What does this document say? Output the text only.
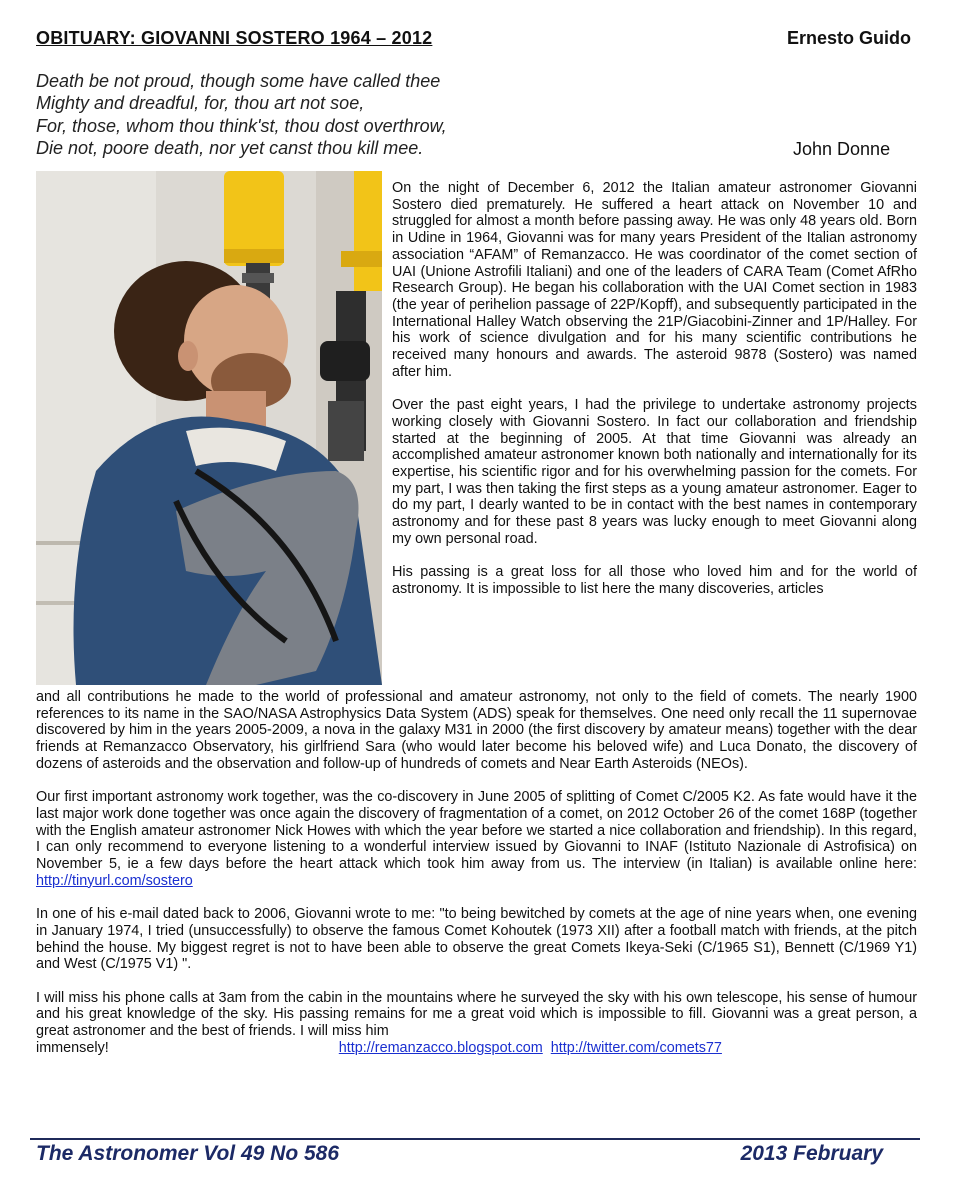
OBITUARY: GIOVANNI SOSTERO 1964 – 2012	Ernesto Guido
Death be not proud, though some have called thee
Mighty and dreadful, for, thou art not soe,
For, those, whom thou think'st, thou dost overthrow,
Die not, poore death, nor yet canst thou kill mee.	John Donne

On the night of December 6, 2012 the Italian amateur astronomer Giovanni Sostero died prematurely. He suffered a heart attack on November 10 and struggled for almost a month before passing away. He was only 48 years old. Born in Udine in 1964, Giovanni was for many years President of the Italian astronomy association “AFAM” of Remanzacco. He was coordinator of the comet section of UAI (Unione Astrofili Italiani) and one of the leaders of CARA Team (Comet AfRho Research Group). He began his collaboration with the UAI Comet section in 1983 (the year of perihelion passage of 22P/Kopff), and subsequently participated in the International Halley Watch observing the 21P/Giacobini-Zinner and 1P/Halley. For his work of science divulgation and for his many scientific contributions he received many honours and awards. The asteroid 9878 (Sostero) was named after him.

Over the past eight years, I had the privilege to undertake astronomy projects working closely with Giovanni Sostero. In fact our collaboration and friendship started at the beginning of 2005. At that time Giovanni was already an accomplished amateur astronomer known both nationally and internationally for its expertise, his scientific rigor and for his overwhelming passion for the comets. For my part, I was then taking the first steps as a young amateur astronomer. Eager to do my part, I dearly wanted to be in contact with the best names in contemporary astronomy and for these past 8 years was lucky enough to meet Giovanni along my own personal road.

His passing is a great loss for all those who loved him and for the world of astronomy. It is impossible to list here the many discoveries, articles

and all contributions he made to the world of professional and amateur astronomy, not only to the field of comets. The nearly 1900 references to its name in the SAO/NASA Astrophysics Data System (ADS) speak for themselves. One need only recall the 11 supernovae discovered by him in the years 2005-2009, a nova in the galaxy M31 in 2000 (the first discovery by amateur means) together with the dear friends at Remanzacco Observatory, his girlfriend Sara (who would later become his beloved wife) and Luca Donato, the discovery of dozens of asteroids and the observation and follow-up of hundreds of comets and Near Earth Asteroids (NEOs).

Our first important astronomy work together, was the co-discovery in June 2005 of splitting of Comet C/2005 K2. As fate would have it the last major work done together was once again the discovery of fragmentation of a comet, on 2012 October 26 of the comet 168P (together with the English amateur astronomer Nick Howes with which the year before we started a nice collaboration and friendship). In this regard, I can only recommend to everyone listening to a wonderful interview issued by Giovanni to INAF (Istituto Nazionale di Astrofisica) on November 5, ie a few days before the heart attack which took him away from us. The interview (in Italian) is available online here: http://tinyurl.com/sostero

In one of his e-mail dated back to 2006, Giovanni wrote to me: "to being bewitched by comets at the age of nine years when, one evening in January 1974, I tried (unsuccessfully) to observe the famous Comet Kohoutek (1973 XII) after a football match with friends, at the pitch behind the house. My biggest regret is not to have been able to observe the great Comets Ikeya-Seki (C/1965 S1), Bennett (C/1969 Y1) and West (C/1975 V1) ".

I will miss his phone calls at 3am from the cabin in the mountains where he surveyed the sky with his own telescope, his sense of humour and his great knowledge of the sky. His passing remains for me a great void which is impossible to fill. Giovanni was a great person, a great astronomer and the best of friends. I will miss him

immensely!	http://remanzacco.blogspot.com http://twitter.com/comets77

The Astronomer Vol 49 No 586	2013 February
